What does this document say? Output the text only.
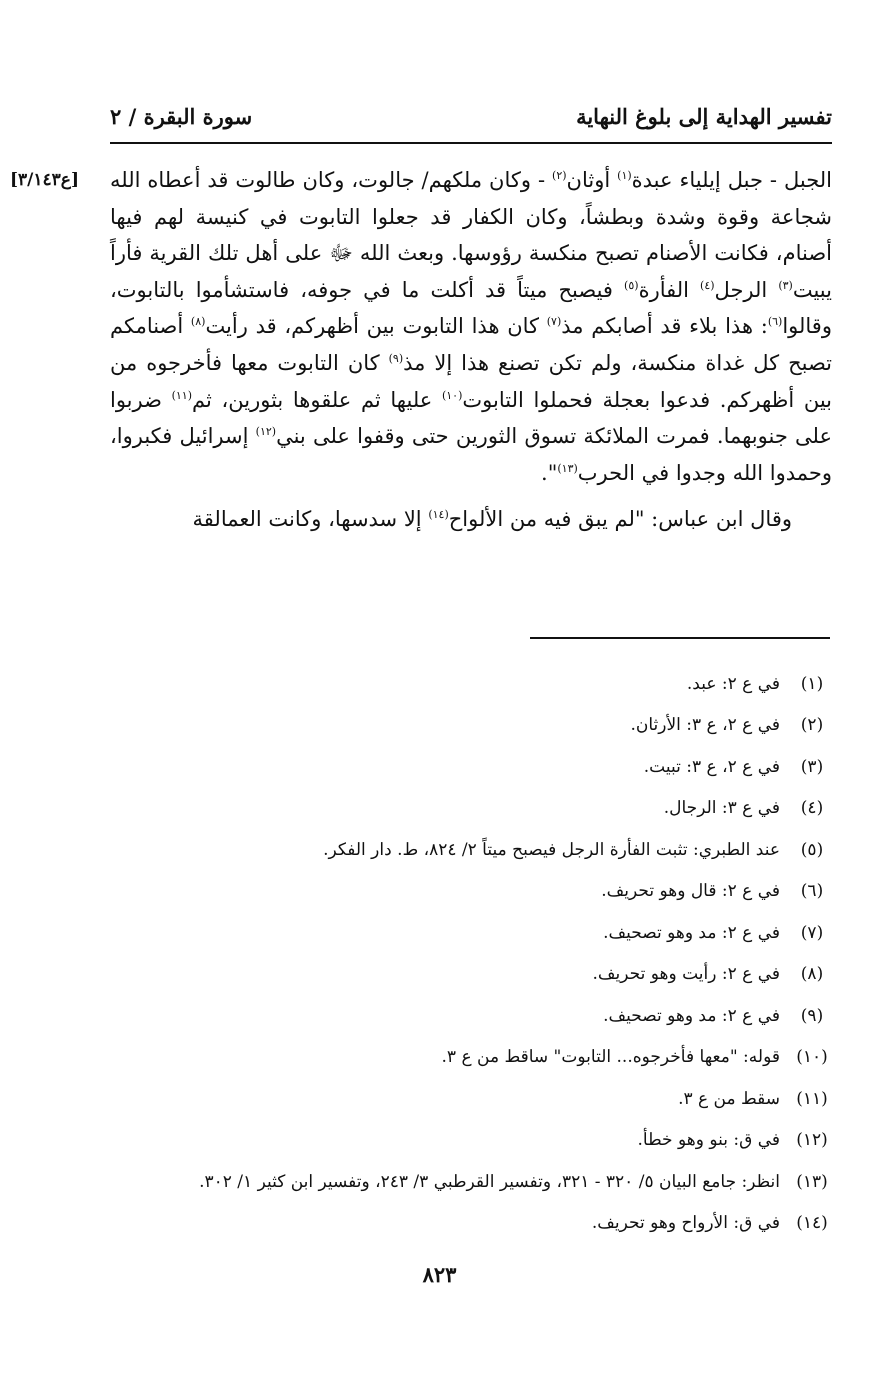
تفسير الهداية إلى بلوغ النهاية
سورة البقرة / ٢
[ع٣/١٤٣]	الجبل - جبل إيلياء عبدة$^{(١)}$ أوثان$^{(٢)}$ - وكان ملكهم/ جالوت، وكان طالوت قد أعطاه الله شجاعة وقوة وشدة وبطشاً، وكان الكفار قد جعلوا التابوت في كنيسة لهم فيها أصنام، فكانت الأصنام تصبح منكسة رؤوسها. وبعث الله ﷻ على أهل تلك القرية فأراً يبيت$^{(٣)}$ الرجل$^{(٤)}$ الفأرة$^{(٥)}$ فيصبح ميتاً قد أكلت ما في جوفه، فاستشأموا بالتابوت، وقالوا$^{(٦)}$: هذا بلاء قد أصابكم مذ$^{(٧)}$ كان هذا التابوت بين أظهركم، قد رأيت$^{(٨)}$ أصنامكم تصبح كل غداة منكسة، ولم تكن تصنع هذا إلا مذ$^{(٩)}$ كان التابوت معها فأخرجوه من بين أظهركم. فدعوا بعجلة فحملوا التابوت$^{(١٠)}$ عليها ثم علقوها بثورين، ثم$^{(١١)}$ ضربوا على جنوبهما. فمرت الملائكة تسوق الثورين حتى وقفوا على بني$^{(١٢)}$ إسرائيل فكبروا، وحمدوا الله وجدوا في الحرب$^{(١٣)}$".

وقال ابن عباس: "لم يبق فيه من الألواح$^{(١٤)}$ إلا سدسها، وكانت العمالقة

(١)
في ع ٢: عبد.
(٢)
في ع ٢، ع ٣: الأرثان.
(٣)
في ع ٢، ع ٣: تبيت.
(٤)
في ع ٣: الرجال.
(٥)
عند الطبري: تثبت الفأرة الرجل فيصبح ميتاً ٢/ ٨٢٤، ط. دار الفكر.
(٦)
في ع ٢: قال وهو تحريف.
(٧)
في ع ٢: مد وهو تصحيف.
(٨)
في ع ٢: رأيت وهو تحريف.
(٩)
في ع ٢: مد وهو تصحيف.
(١٠)
قوله: "معها فأخرجوه... التابوت" ساقط من ع ٣.
(١١)
سقط من ع ٣.
(١٢)
في ق: بنو وهو خطأ.
(١٣)
انظر: جامع البيان ٥/ ٣٢٠ - ٣٢١، وتفسير القرطبي ٣/ ٢٤٣، وتفسير ابن كثير ١/ ٣٠٢.
(١٤)
في ق: الأرواح وهو تحريف.
٨٢٣
